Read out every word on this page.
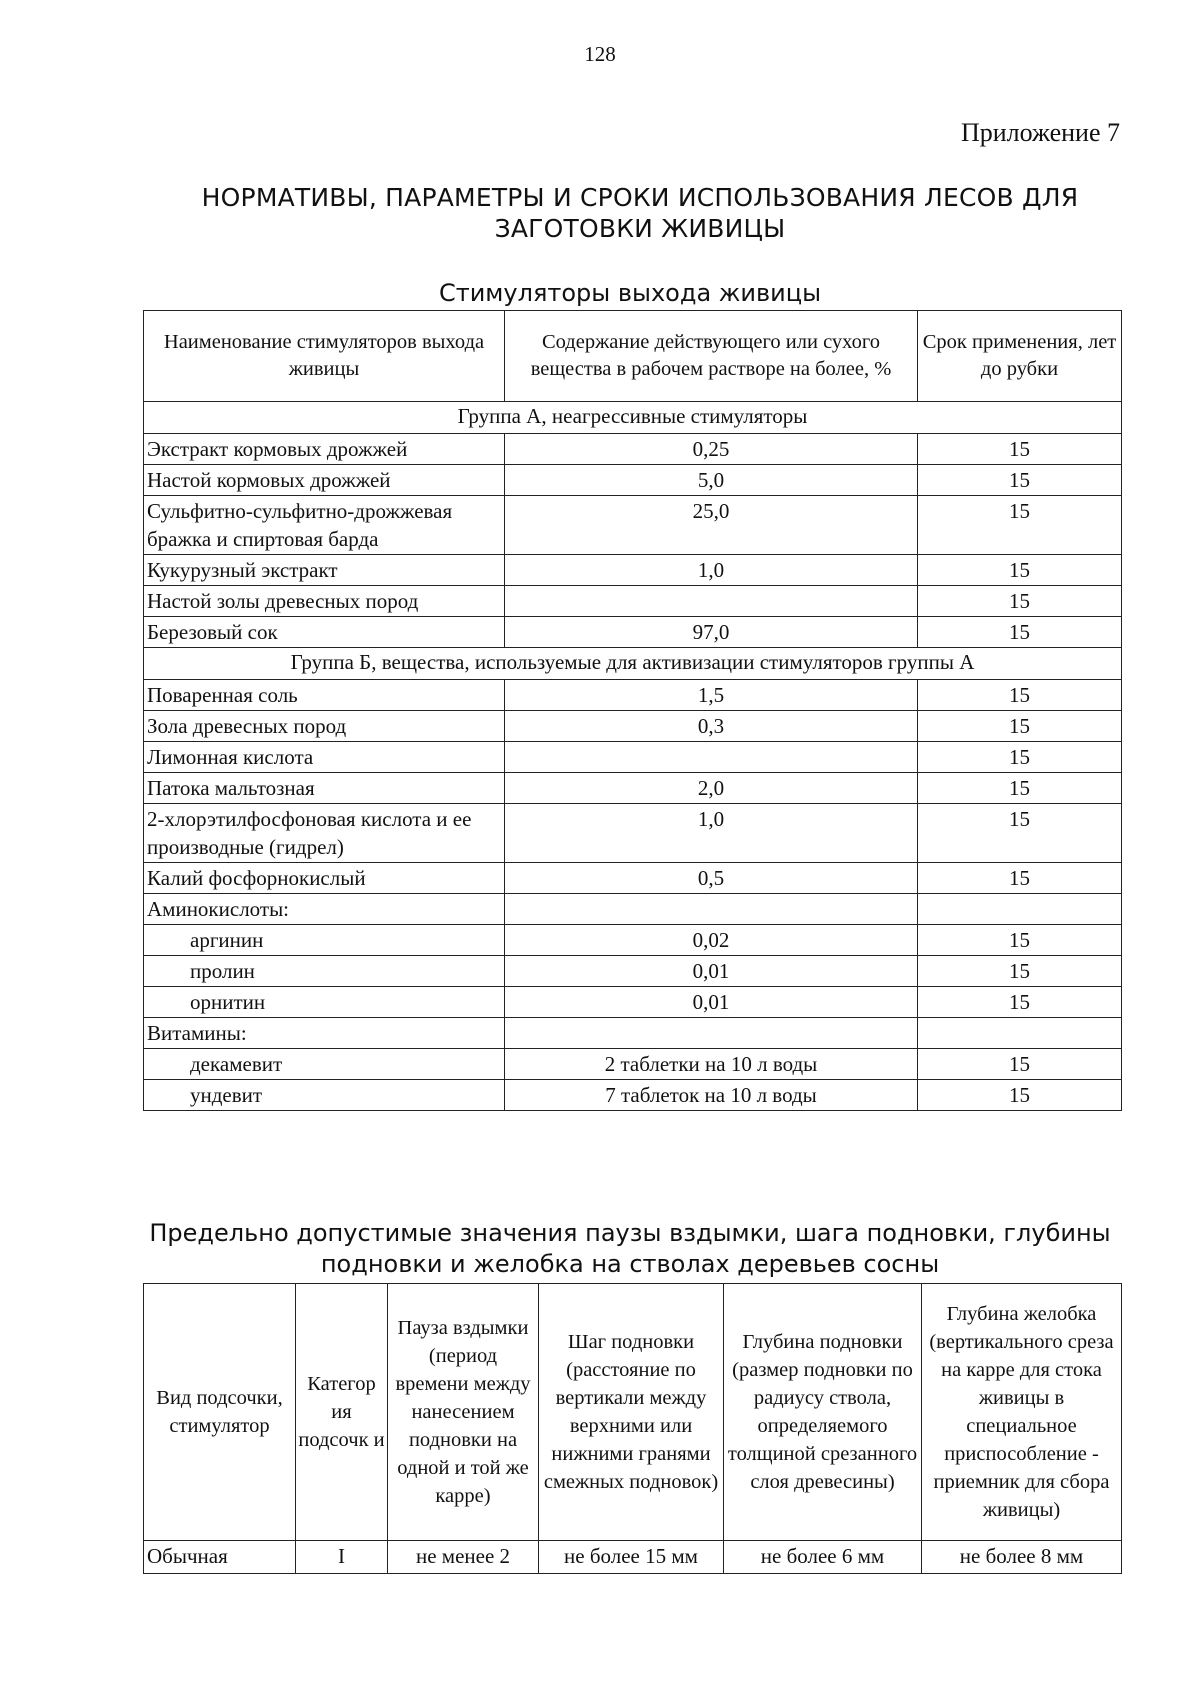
128
Приложение 7
НОРМАТИВЫ, ПАРАМЕТРЫ И СРОКИ ИСПОЛЬЗОВАНИЯ ЛЕСОВ ДЛЯ
ЗАГОТОВКИ ЖИВИЦЫ
Стимуляторы выхода живицы
Наименование стимуляторов выхода живицы	Содержание действующего или сухого вещества в рабочем растворе на более, %	Срок применения, лет до рубки
Группа А, неагрессивные стимуляторы		
Экстракт кормовых дрожжей	0,25	15
Настой кормовых дрожжей	5,0	15
Сульфитно-сульфитно-дрожжевая бражка и спиртовая барда	25,0	15
Кукурузный экстракт	1,0	15
Настой золы древесных пород		15
Березовый сок	97,0	15
Группа Б, вещества, используемые для активизации стимуляторов группы А		
Поваренная соль	1,5	15
Зола древесных пород	0,3	15
Лимонная кислота		15
Патока мальтозная	2,0	15
2-хлорэтилфосфоновая кислота и ее производные (гидрел)	1,0	15
Калий фосфорнокислый	0,5	15
Аминокислоты:		
аргинин	0,02	15
пролин	0,01	15
орнитин	0,01	15
Витамины:		
декамевит	2 таблетки на 10 л воды	15
ундевит	7 таблеток на 10 л воды	15
Предельно допустимые значения паузы вздымки, шага подновки, глубины
подновки и желобка на стволах деревьев сосны
Вид подсочки, стимулятор	Категор ия подсочк и	Пауза вздымки (период времени между нанесением подновки на одной и той же карре)	Шаг подновки (расстояние по вертикали между верхними или нижними гранями смежных подновок)	Глубина подновки (размер подновки по радиусу ствола, определяемого толщиной срезанного слоя древесины)	Глубина желобка (вертикального среза на карре для стока живицы в специальное приспособление - приемник для сбора живицы)
Обычная	I	не менее 2	не более 15 мм	не более 6 мм	не более 8 мм
